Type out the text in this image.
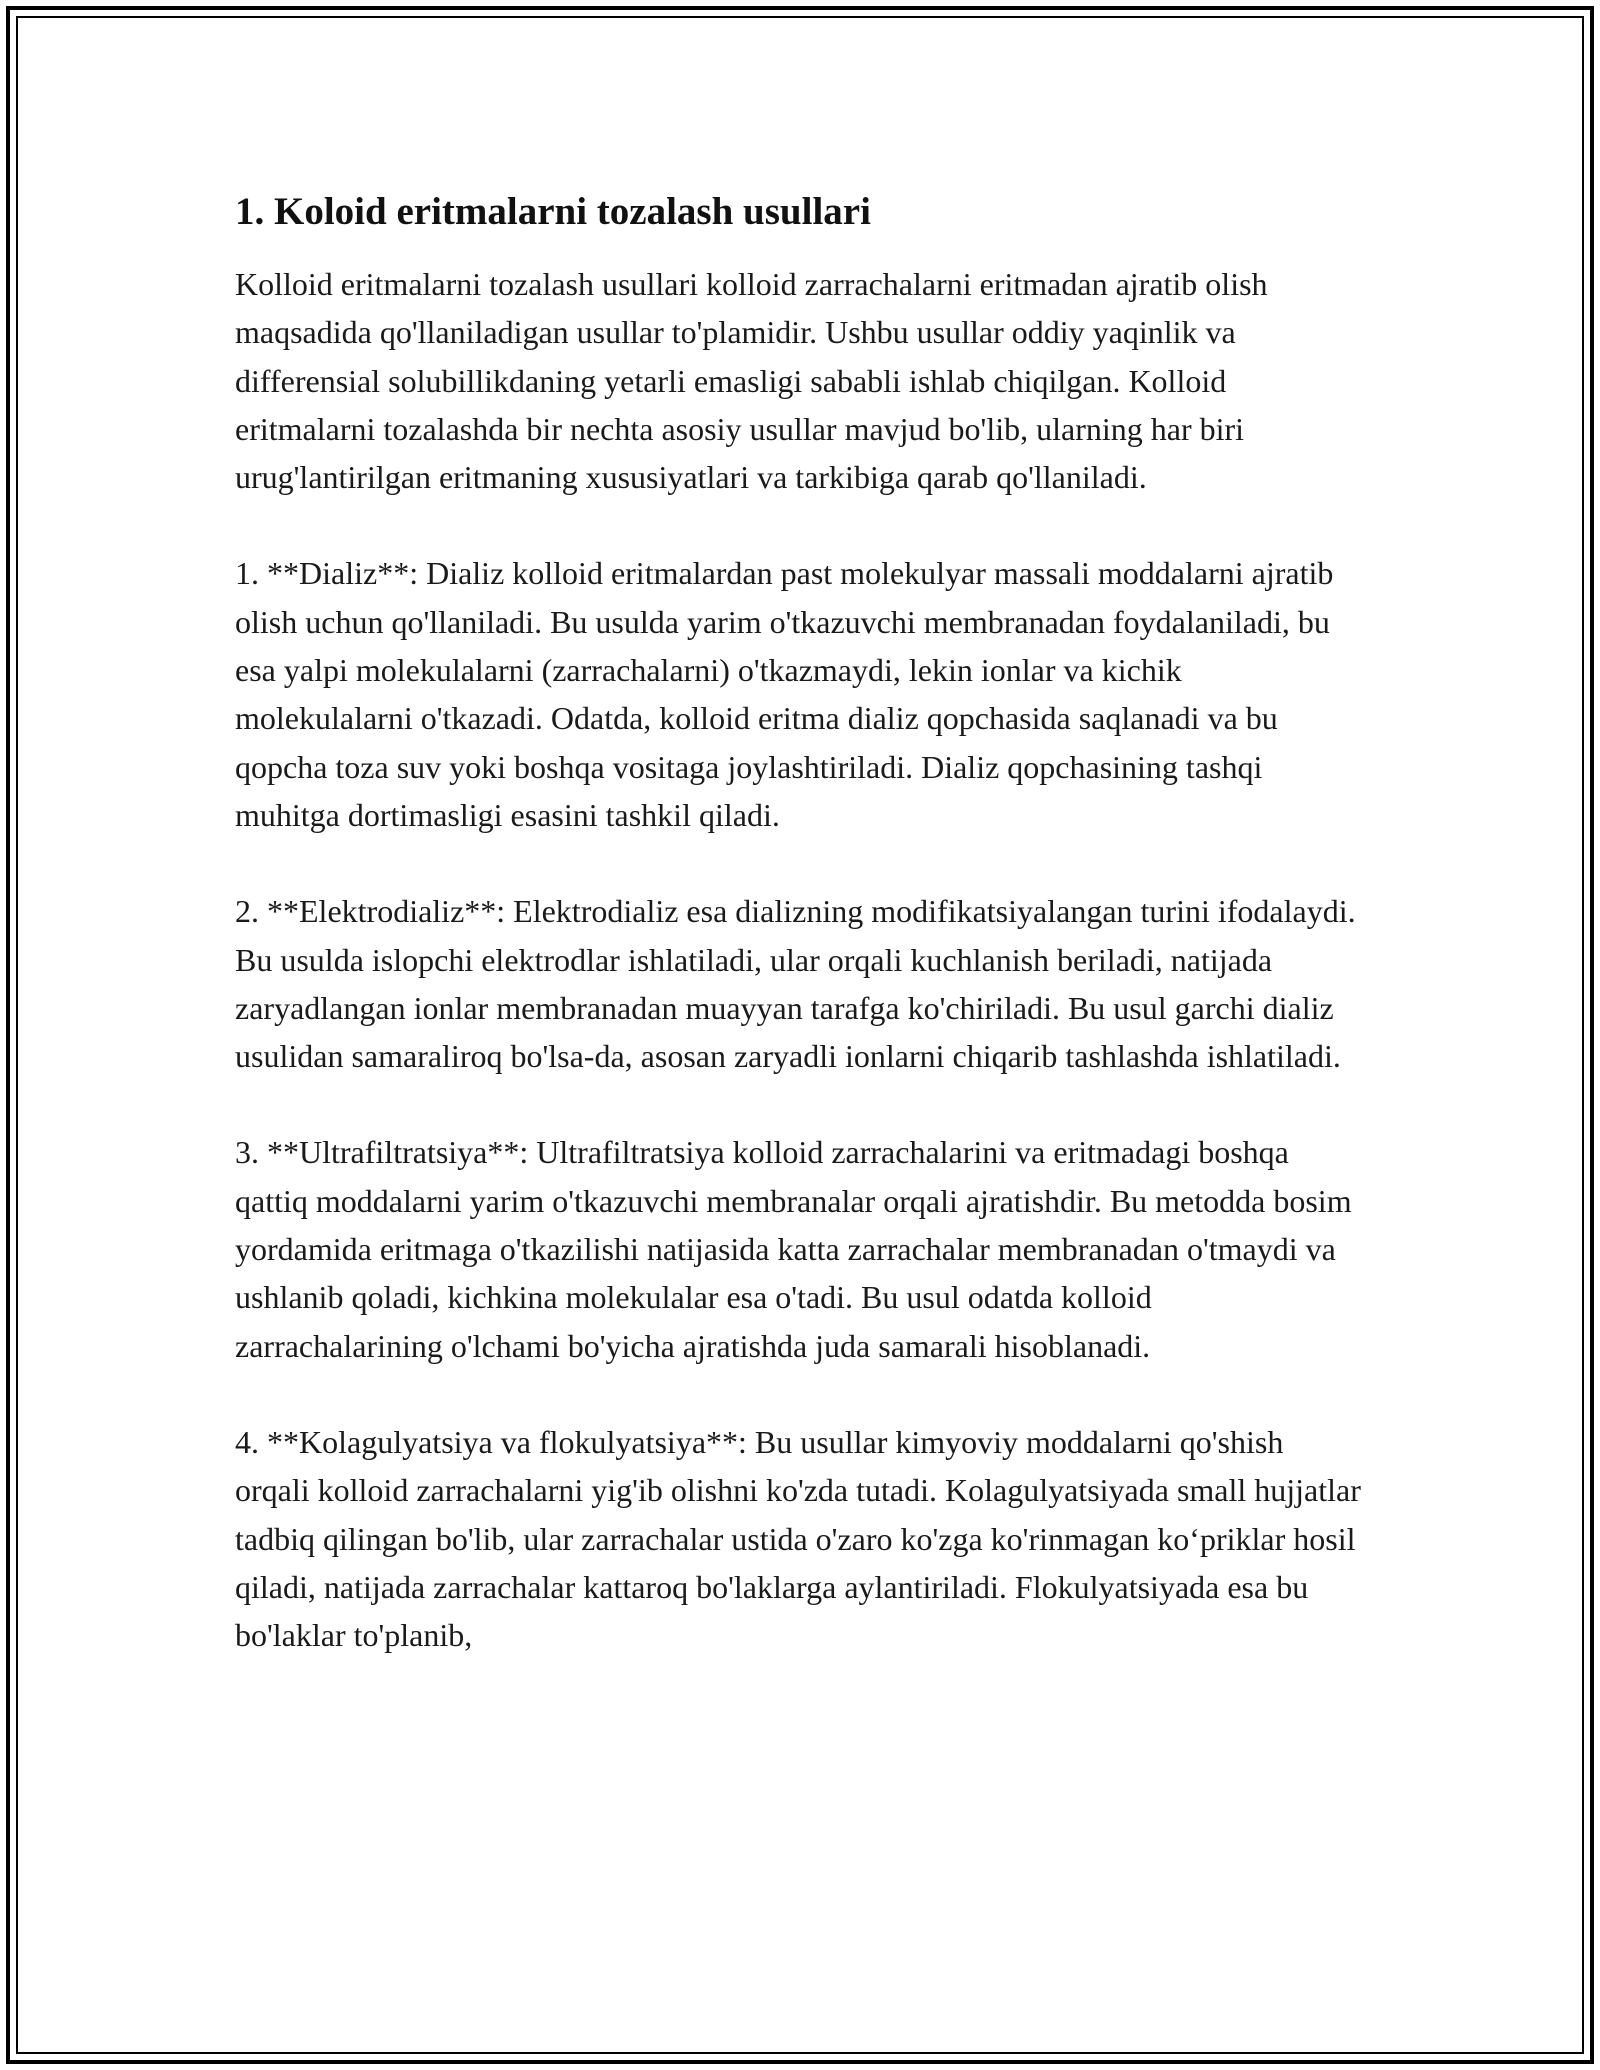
1. Koloid eritmalarni tozalash usullari

Kolloid eritmalarni tozalash usullari kolloid zarrachalarni eritmadan ajratib olish maqsadida qo'llaniladigan usullar to'plamidir. Ushbu usullar oddiy yaqinlik va differensial solubillikdaning yetarli emasligi sababli ishlab chiqilgan. Kolloid eritmalarni tozalashda bir nechta asosiy usullar mavjud bo'lib, ularning har biri urug'lantirilgan eritmaning xususiyatlari va tarkibiga qarab qo'llaniladi.

1. **Dializ**: Dializ kolloid eritmalardan past molekulyar massali moddalarni ajratib olish uchun qo'llaniladi. Bu usulda yarim o'tkazuvchi membranadan foydalaniladi, bu esa yalpi molekulalarni (zarrachalarni) o'tkazmaydi, lekin ionlar va kichik molekulalarni o'tkazadi. Odatda, kolloid eritma dializ qopchasida saqlanadi va bu qopcha toza suv yoki boshqa vositaga joylashtiriladi. Dializ qopchasining tashqi muhitga dortimasligi esasini tashkil qiladi.

2. **Elektrodializ**: Elektrodializ esa dializning modifikatsiyalangan turini ifodalaydi. Bu usulda islopchi elektrodlar ishlatiladi, ular orqali kuchlanish beriladi, natijada zaryadlangan ionlar membranadan muayyan tarafga ko'chiriladi. Bu usul garchi dializ usulidan samaraliroq bo'lsa-da, asosan zaryadli ionlarni chiqarib tashlashda ishlatiladi.

3. **Ultrafiltratsiya**: Ultrafiltratsiya kolloid zarrachalarini va eritmadagi boshqa qattiq moddalarni yarim o'tkazuvchi membranalar orqali ajratishdir. Bu metodda bosim yordamida eritmaga o'tkazilishi natijasida katta zarrachalar membranadan o'tmaydi va ushlanib qoladi, kichkina molekulalar esa o'tadi. Bu usul odatda kolloid zarrachalarining o'lchami bo'yicha ajratishda juda samarali hisoblanadi.

4. **Kolagulyatsiya va flokulyatsiya**: Bu usullar kimyoviy moddalarni qo'shish orqali kolloid zarrachalarni yig'ib olishni ko'zda tutadi. Kolagulyatsiyada small hujjatlar tadbiq qilingan bo'lib, ular zarrachalar ustida o'zaro ko'zga ko'rinmagan ko‘priklar hosil qiladi, natijada zarrachalar kattaroq bo'laklarga aylantiriladi. Flokulyatsiyada esa bu bo'laklar to'planib,
